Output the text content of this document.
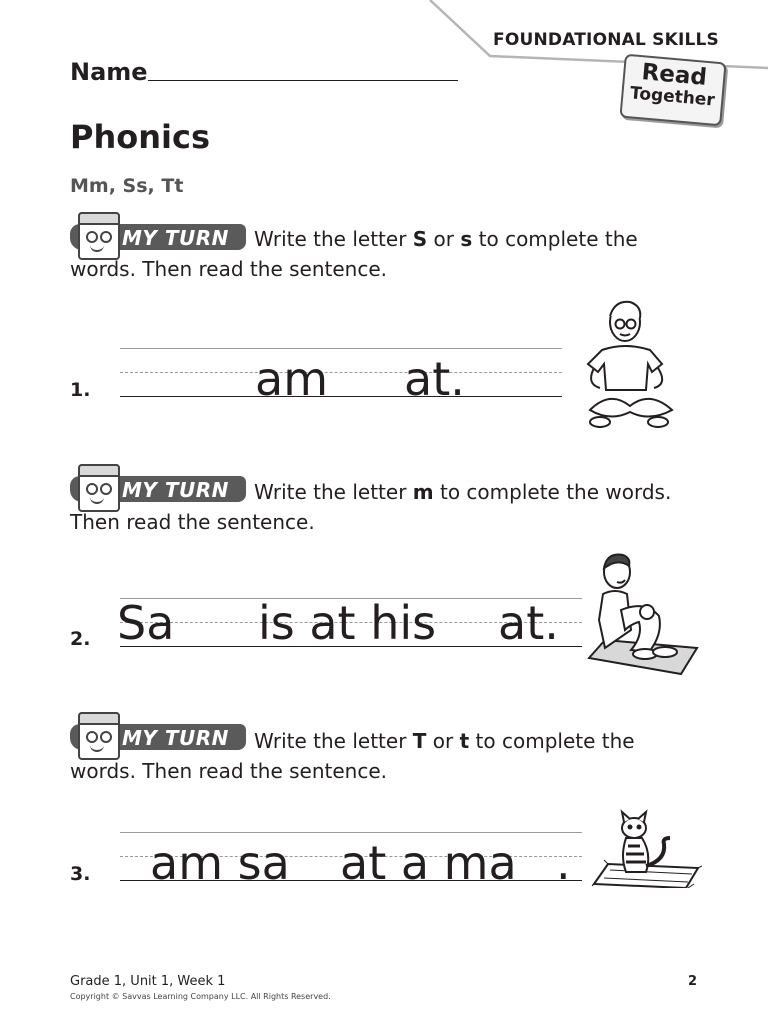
FOUNDATIONAL SKILLS
Read
Together
Name
Phonics
Mm, Ss, Tt
MY TURN	Write the letter S or s to complete the words. Then read the sentence.
1.	am at.
MY TURN	Write the letter m to complete the words. Then read the sentence.
2. Sa is at his at.
MY TURN	Write the letter T or t to complete the words. Then read the sentence.
3. am sa at a ma .
Grade 1, Unit 1, Week 1
Copyright © Savvas Learning Company LLC. All Rights Reserved.
2
